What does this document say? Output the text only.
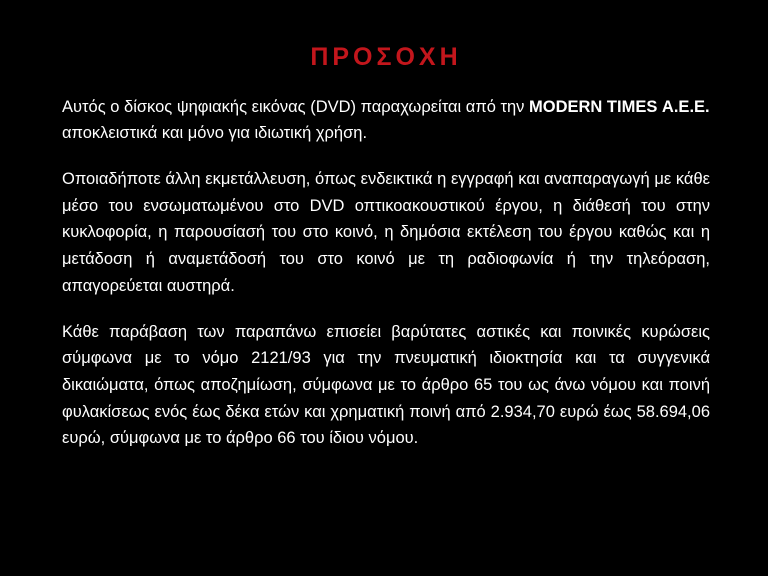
ΠΡΟΣΟΧΗ

Αυτός ο δίσκος ψηφιακής εικόνας (DVD) παραχωρείται από την MODERN TIMES Α.Ε.Ε. αποκλειστικά και μόνο για ιδιωτική χρήση.

Οποιαδήποτε άλλη εκμετάλλευση, όπως ενδεικτικά η εγγραφή και αναπαραγωγή με κάθε μέσο του ενσωματωμένου στο DVD οπτικοακουστικού έργου, η διάθεσή του στην κυκλοφορία, η παρουσίασή του στο κοινό, η δημόσια εκτέλεση του έργου καθώς και η μετάδοση ή αναμετάδοσή του στο κοινό με τη ραδιοφωνία ή την τηλεόραση, απαγορεύεται αυστηρά.

Κάθε παράβαση των παραπάνω επισείει βαρύτατες αστικές και ποινικές κυρώσεις σύμφωνα με το νόμο 2121/93 για την πνευματική ιδιοκτησία και τα συγγενικά δικαιώματα, όπως αποζημίωση, σύμφωνα με το άρθρο 65 του ως άνω νόμου και ποινή φυλακίσεως ενός έως δέκα ετών και χρηματική ποινή από 2.934,70 ευρώ έως 58.694,06 ευρώ, σύμφωνα με το άρθρο 66 του ίδιου νόμου.
